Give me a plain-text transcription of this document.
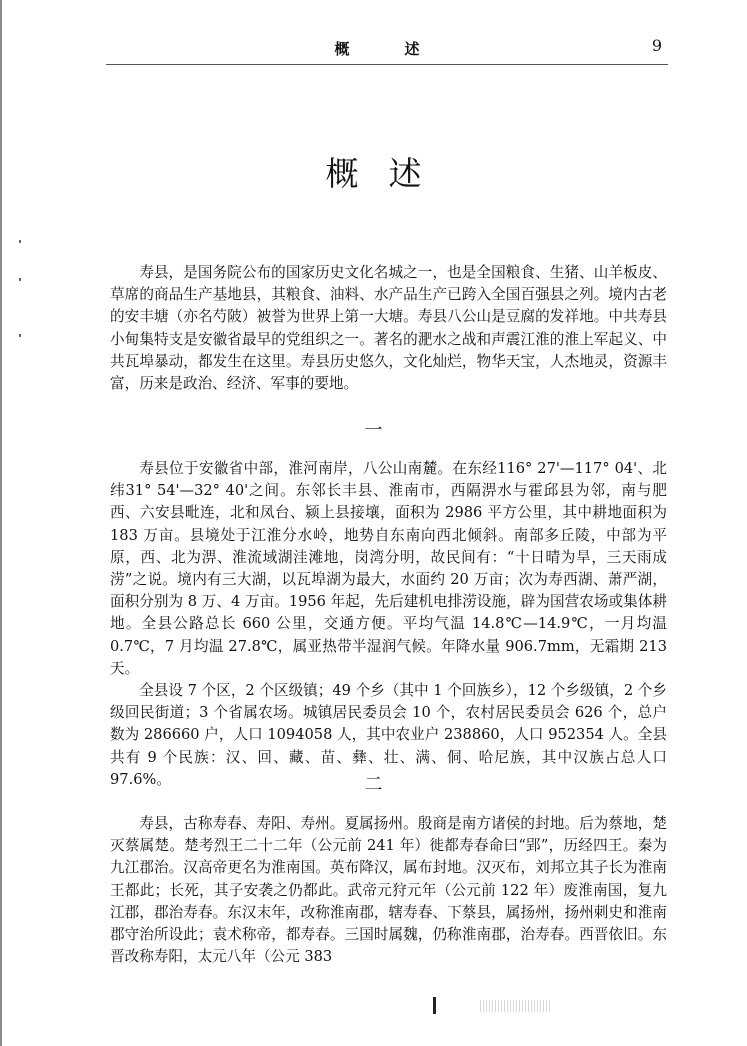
概　述	9
概述

寿县，是国务院公布的国家历史文化名城之一，也是全国粮食、生猪、山羊板皮、草席的商品生产基地县，其粮食、油料、水产品生产已跨入全国百强县之列。境内古老的安丰塘（亦名芍陂）被誉为世界上第一大塘。寿县八公山是豆腐的发祥地。中共寿县小甸集特支是安徽省最早的党组织之一。著名的淝水之战和声震江淮的淮上军起义、中共瓦埠暴动，都发生在这里。寿县历史悠久，文化灿烂，物华天宝，人杰地灵，资源丰富，历来是政治、经济、军事的要地。

一

寿县位于安徽省中部，淮河南岸，八公山南麓。在东经116° 27'—117° 04'、北纬31° 54'—32° 40'之间。东邻长丰县、淮南市，西隔淠水与霍邱县为邻，南与肥西、六安县毗连，北和凤台、颍上县接壤，面积为 2986 平方公里，其中耕地面积为 183 万亩。县境处于江淮分水岭，地势自东南向西北倾斜。南部多丘陵，中部为平原，西、北为淠、淮流域湖洼滩地，岗湾分明，故民间有：“十日晴为旱，三天雨成涝”之说。境内有三大湖，以瓦埠湖为最大，水面约 20 万亩；次为寿西湖、萧严湖，面积分别为 8 万、4 万亩。1956 年起，先后建机电排涝设施，辟为国营农场或集体耕地。全县公路总长 660 公里，交通方便。平均气温 14.8℃—14.9℃，一月均温 0.7℃，7 月均温 27.8℃，属亚热带半湿润气候。年降水量 906.7mm，无霜期 213 天。

全县设 7 个区，2 个区级镇；49 个乡（其中 1 个回族乡），12 个乡级镇，2 个乡级回民街道；3 个省属农场。城镇居民委员会 10 个，农村居民委员会 626 个，总户数为 286660 户，人口 1094058 人，其中农业户 238860，人口 952354 人。全县共有 9 个民族：汉、回、藏、苗、彝、壮、满、侗、哈尼族，其中汉族占总人口 97.6%。	二

寿县，古称寿春、寿阳、寿州。夏属扬州。殷商是南方诸侯的封地。后为蔡地，楚灭蔡属楚。楚考烈王二十二年（公元前 241 年）徙都寿春命曰“郢”，历经四王。秦为九江郡治。汉高帝更名为淮南国。英布降汉，属布封地。汉灭布，刘邦立其子长为淮南王都此；长死，其子安袭之仍都此。武帝元狩元年（公元前 122 年）废淮南国，复九江郡，郡治寿春。东汉末年，改称淮南郡，辖寿春、下蔡县，属扬州，扬州刺史和淮南郡守治所设此；袁术称帝，都寿春。三国时属魏，仍称淮南郡，治寿春。西晋依旧。东晋改称寿阳，太元八年（公元 383
